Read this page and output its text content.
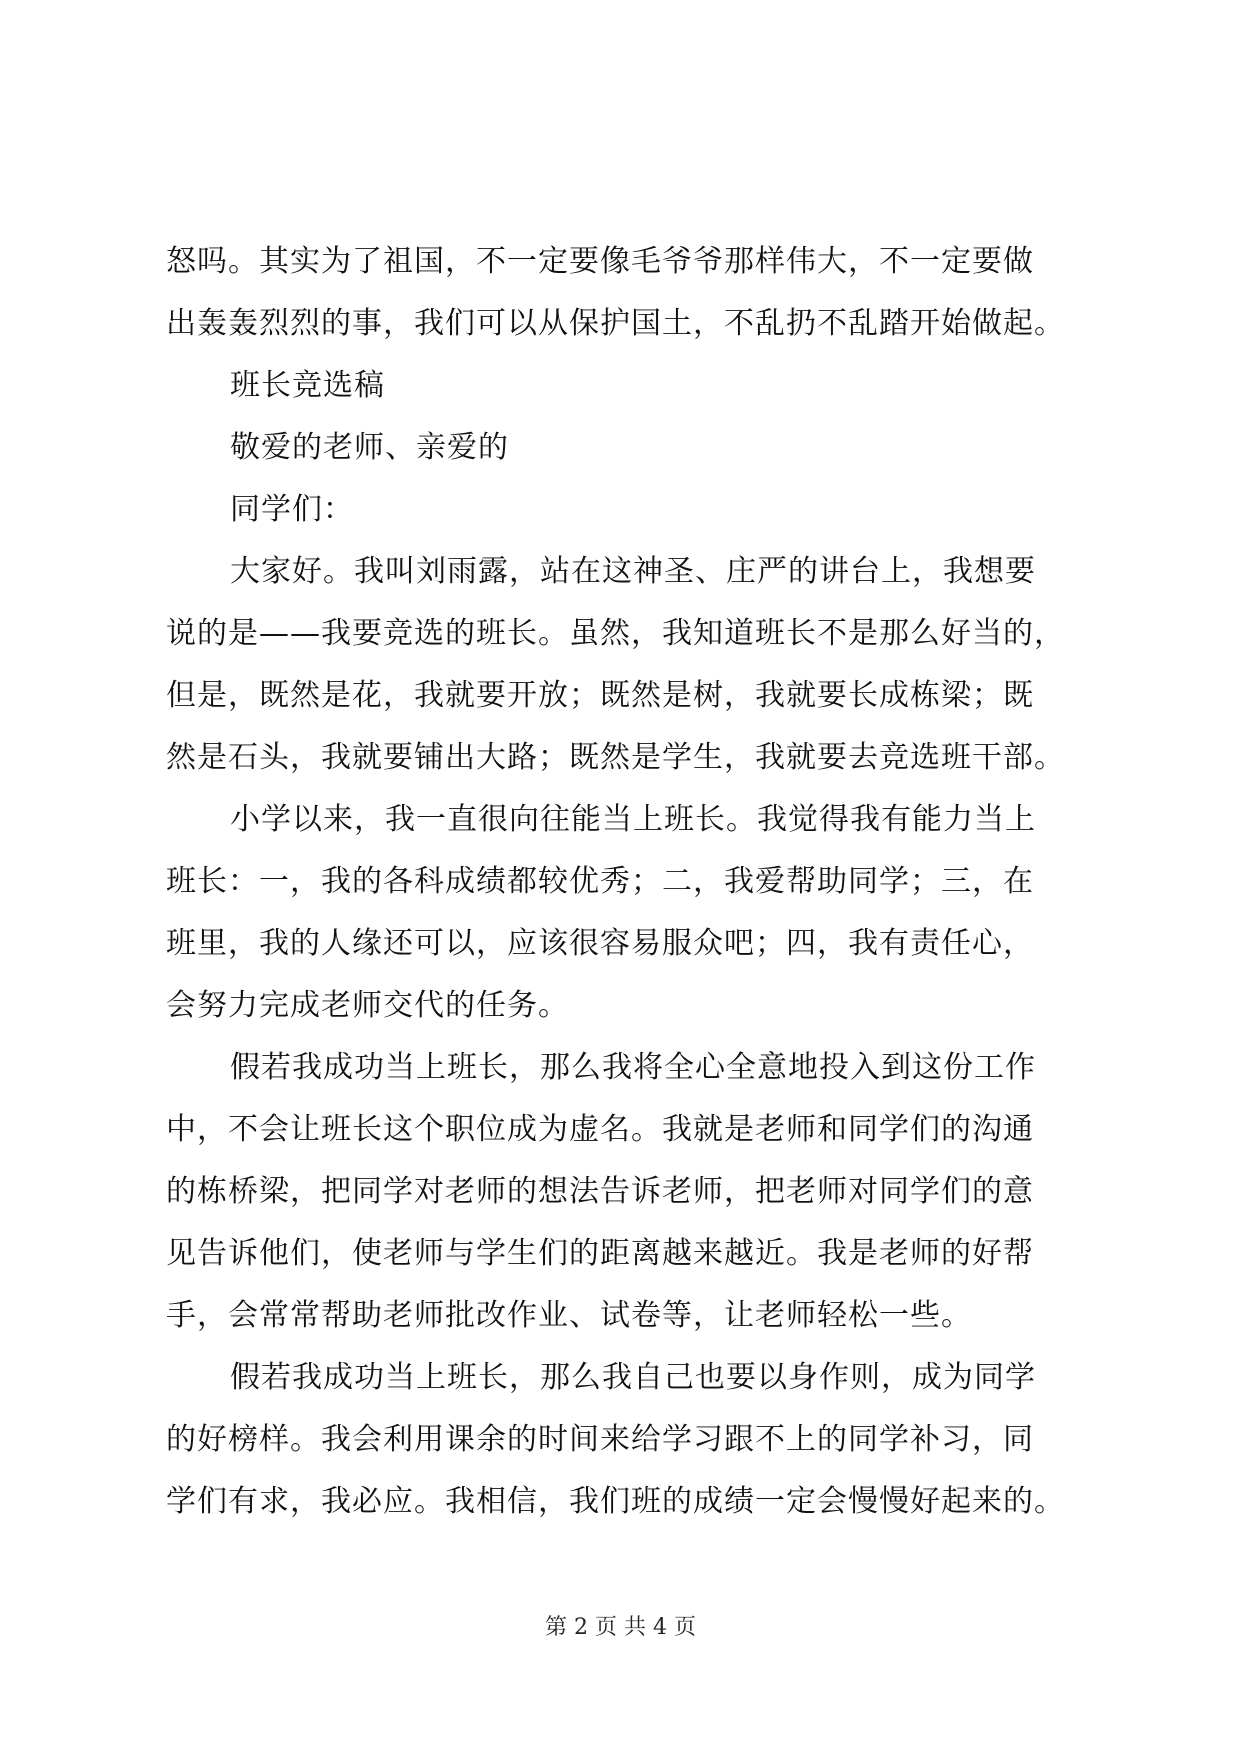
怒吗。其实为了祖国，不一定要像毛爷爷那样伟大，不一定要做
出轰轰烈烈的事，我们可以从保护国土，不乱扔不乱踏开始做起。
班长竞选稿
敬爱的老师、亲爱的
同学们：
大家好。我叫刘雨露，站在这神圣、庄严的讲台上，我想要
说的是——我要竞选的班长。虽然，我知道班长不是那么好当的，
但是，既然是花，我就要开放；既然是树，我就要长成栋梁；既
然是石头，我就要铺出大路；既然是学生，我就要去竞选班干部。
小学以来，我一直很向往能当上班长。我觉得我有能力当上
班长：一，我的各科成绩都较优秀；二，我爱帮助同学；三，在
班里，我的人缘还可以，应该很容易服众吧；四，我有责任心，
会努力完成老师交代的任务。
假若我成功当上班长，那么我将全心全意地投入到这份工作
中，不会让班长这个职位成为虚名。我就是老师和同学们的沟通
的栋桥梁，把同学对老师的想法告诉老师，把老师对同学们的意
见告诉他们，使老师与学生们的距离越来越近。我是老师的好帮
手，会常常帮助老师批改作业、试卷等，让老师轻松一些。
假若我成功当上班长，那么我自己也要以身作则，成为同学
的好榜样。我会利用课余的时间来给学习跟不上的同学补习，同
学们有求，我必应。我相信，我们班的成绩一定会慢慢好起来的。
第 2 页 共 4 页
